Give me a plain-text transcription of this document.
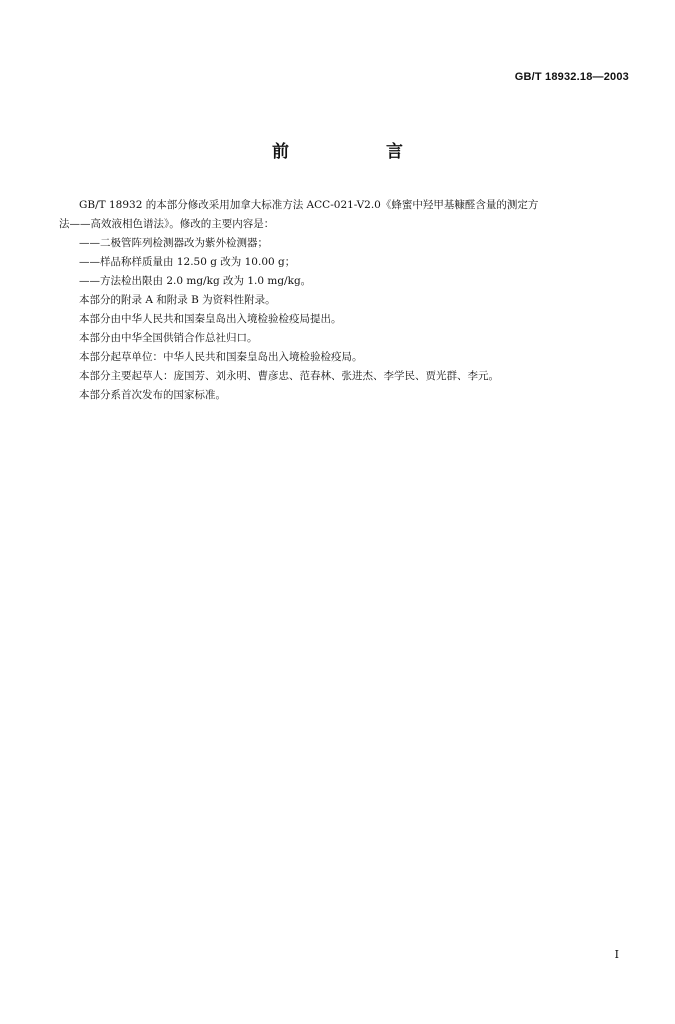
GB/T 18932.18—2003
前　言

GB/T 18932 的本部分修改采用加拿大标准方法 ACC-021-V2.0《蜂蜜中羟甲基糠醛含量的测定方

法——高效液相色谱法》。修改的主要内容是：

——二极管阵列检测器改为紫外检测器；

——样品称样质量由 12.50 g 改为 10.00 g；

——方法检出限由 2.0 mg/kg 改为 1.0 mg/kg。

本部分的附录 A 和附录 B 为资料性附录。

本部分由中华人民共和国秦皇岛出入境检验检疫局提出。

本部分由中华全国供销合作总社归口。

本部分起草单位：中华人民共和国秦皇岛出入境检验检疫局。

本部分主要起草人：庞国芳、刘永明、曹彦忠、范春林、张进杰、李学民、贾光群、李元。

本部分系首次发布的国家标准。

I
